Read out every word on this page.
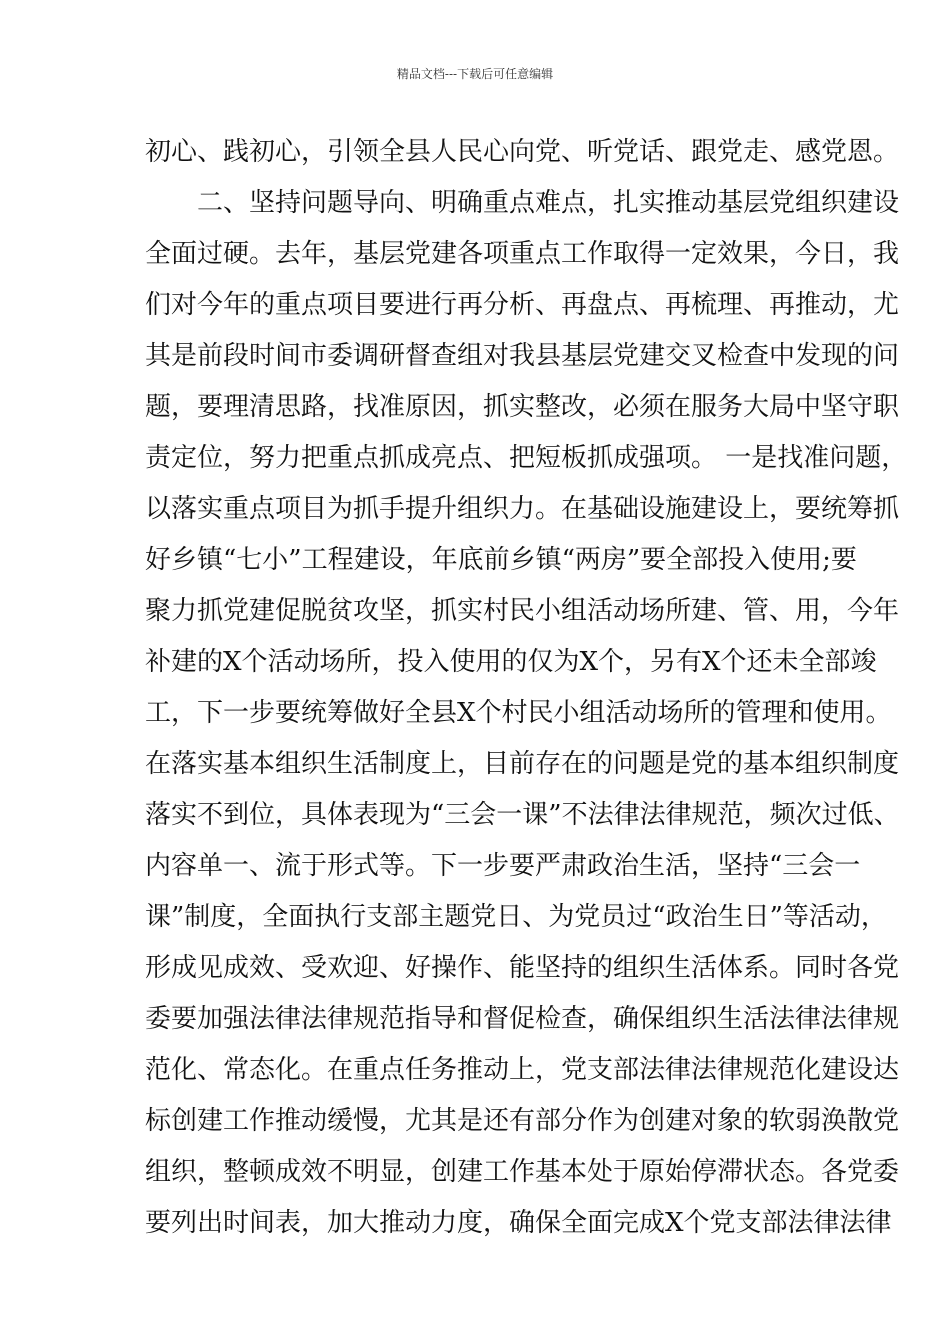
精品文档---下载后可任意编辑
初心、践初心，引领全县人民心向党、听党话、跟党走、感党恩。
二、坚持问题导向、明确重点难点，扎实推动基层党组织建设
全面过硬。去年，基层党建各项重点工作取得一定效果，今日，我
们对今年的重点项目要进行再分析、再盘点、再梳理、再推动，尤
其是前段时间市委调研督查组对我县基层党建交叉检查中发现的问
题，要理清思路，找准原因，抓实整改，必须在服务大局中坚守职
责定位，努力把重点抓成亮点、把短板抓成强项。 一是找准问题，
以落实重点项目为抓手提升组织力。在基础设施建设上，要统筹抓
好乡镇“七小”工程建设，年底前乡镇“两房”要全部投入使用;要
聚力抓党建促脱贫攻坚，抓实村民小组活动场所建、管、用，今年
补建的X个活动场所，投入使用的仅为X个，另有X个还未全部竣
工，下一步要统筹做好全县X个村民小组活动场所的管理和使用。
在落实基本组织生活制度上，目前存在的问题是党的基本组织制度
落实不到位，具体表现为“三会一课”不法律法律规范，频次过低、
内容单一、流于形式等。下一步要严肃政治生活，坚持“三会一
课”制度，全面执行支部主题党日、为党员过“政治生日”等活动，
形成见成效、受欢迎、好操作、能坚持的组织生活体系。同时各党
委要加强法律法律规范指导和督促检查，确保组织生活法律法律规
范化、常态化。在重点任务推动上，党支部法律法律规范化建设达
标创建工作推动缓慢，尤其是还有部分作为创建对象的软弱涣散党
组织，整顿成效不明显，创建工作基本处于原始停滞状态。各党委
要列出时间表，加大推动力度，确保全面完成X个党支部法律法律
